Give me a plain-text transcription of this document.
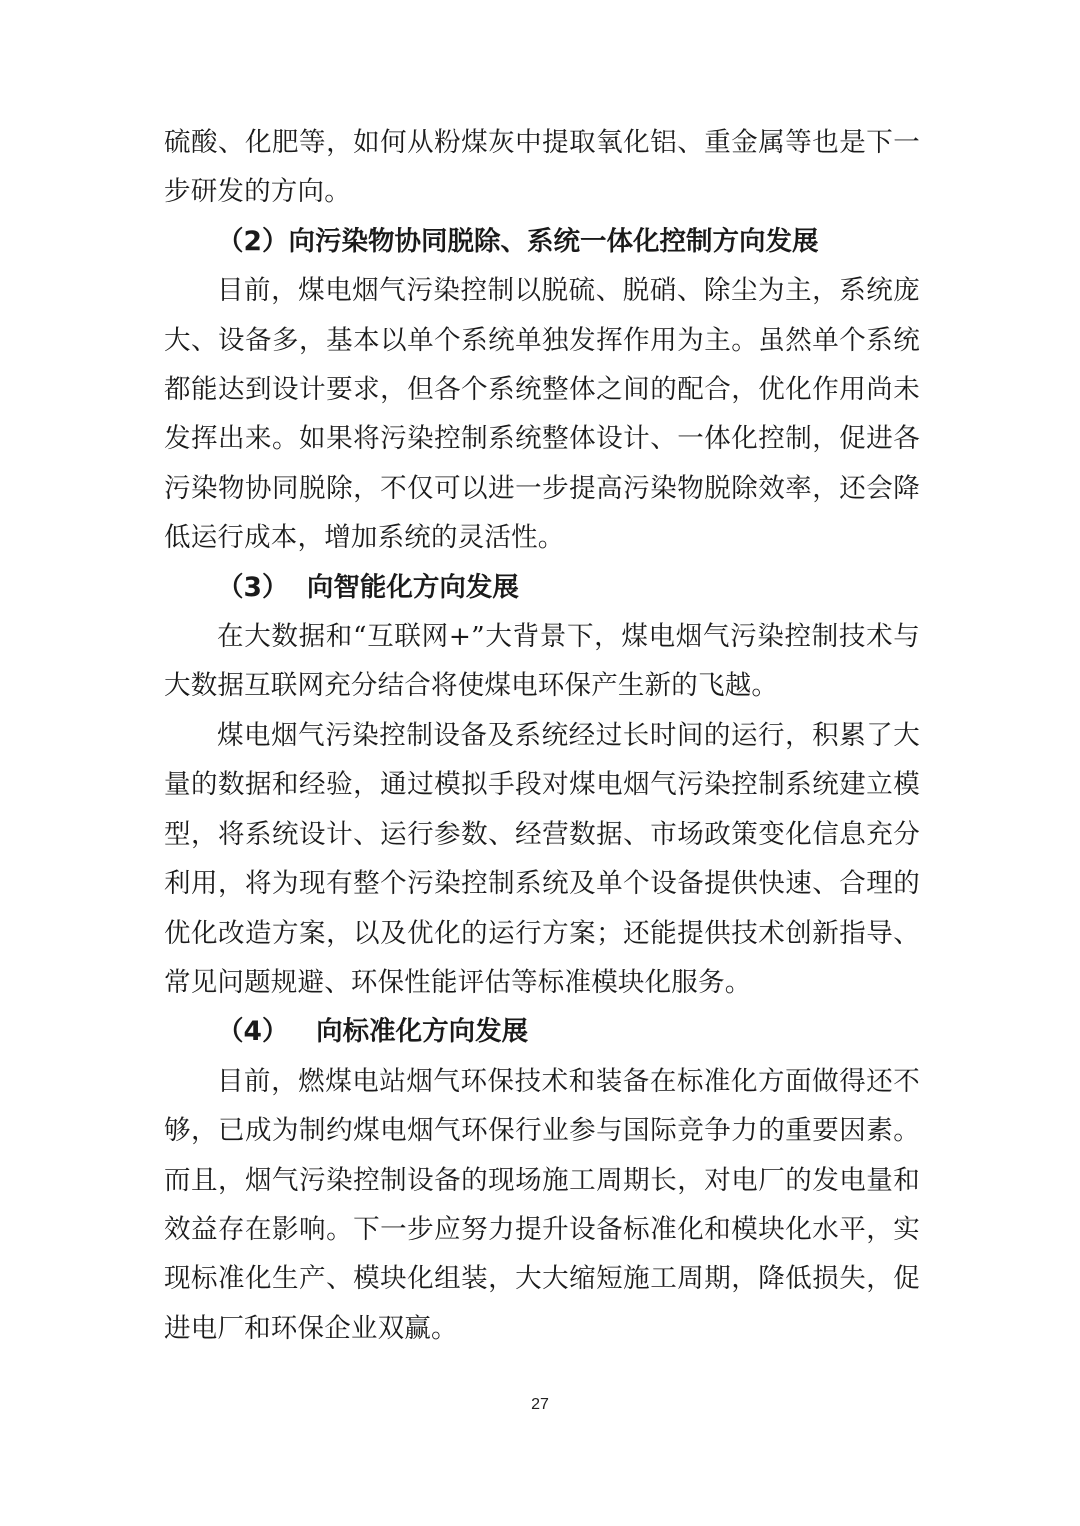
硫酸、化肥等，如何从粉煤灰中提取氧化铝、重金属等也是下一步研发的方向。

（2）向污染物协同脱除、系统一体化控制方向发展

目前，煤电烟气污染控制以脱硫、脱硝、除尘为主，系统庞大、设备多，基本以单个系统单独发挥作用为主。虽然单个系统都能达到设计要求，但各个系统整体之间的配合，优化作用尚未发挥出来。如果将污染控制系统整体设计、一体化控制，促进各污染物协同脱除，不仅可以进一步提高污染物脱除效率，还会降低运行成本，增加系统的灵活性。

（3）  向智能化方向发展

在大数据和“互联网+”大背景下，煤电烟气污染控制技术与大数据互联网充分结合将使煤电环保产生新的飞越。

煤电烟气污染控制设备及系统经过长时间的运行，积累了大量的数据和经验，通过模拟手段对煤电烟气污染控制系统建立模型，将系统设计、运行参数、经营数据、市场政策变化信息充分利用，将为现有整个污染控制系统及单个设备提供快速、合理的优化改造方案，以及优化的运行方案；还能提供技术创新指导、常见问题规避、环保性能评估等标准模块化服务。

（4）   向标准化方向发展

目前，燃煤电站烟气环保技术和装备在标准化方面做得还不够，已成为制约煤电烟气环保行业参与国际竞争力的重要因素。而且，烟气污染控制设备的现场施工周期长，对电厂的发电量和效益存在影响。下一步应努力提升设备标准化和模块化水平，实现标准化生产、模块化组装，大大缩短施工周期，降低损失，促进电厂和环保企业双赢。

27
